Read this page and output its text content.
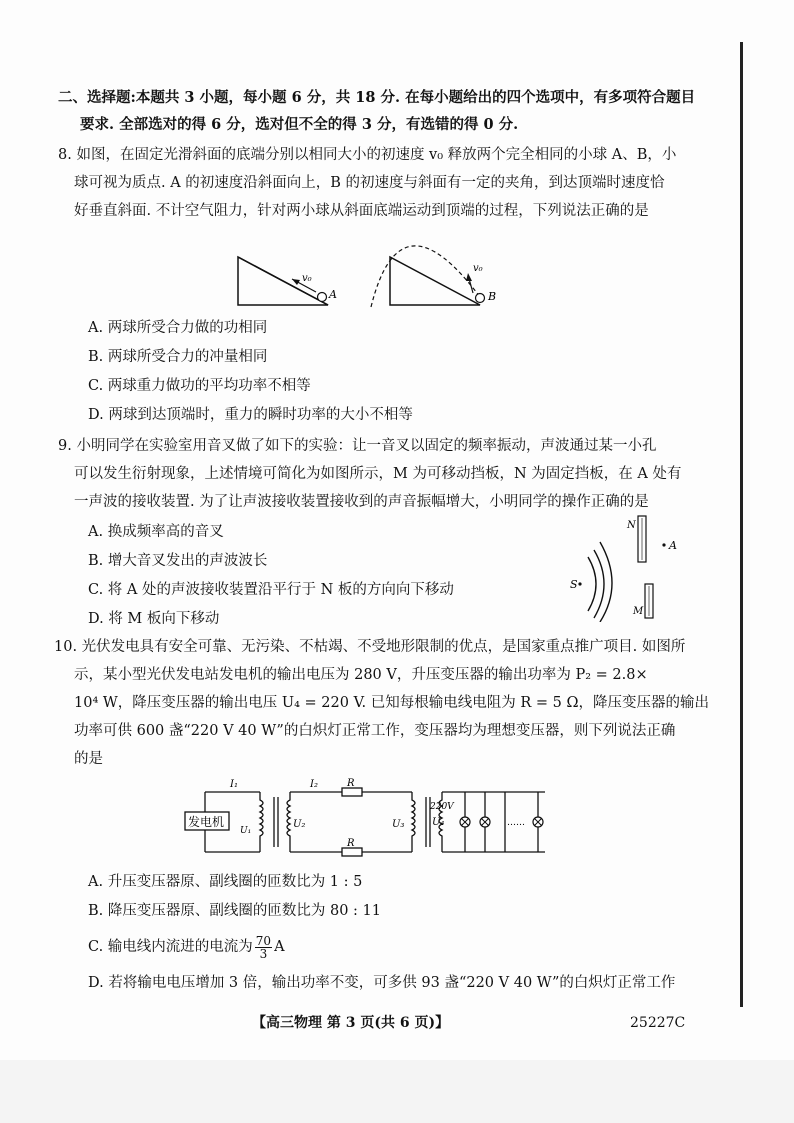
二、选择题:本题共 3 小题，每小题 6 分，共 18 分. 在每小题给出的四个选项中，有多项符合题目
要求. 全部选对的得 6 分，选对但不全的得 3 分，有选错的得 0 分.
8. 如图，在固定光滑斜面的底端分别以相同大小的初速度 v₀ 释放两个完全相同的小球 A、B，小
球可视为质点. A 的初速度沿斜面向上，B 的初速度与斜面有一定的夹角，到达顶端时速度恰
好垂直斜面. 不计空气阻力，针对两小球从斜面底端运动到顶端的过程，下列说法正确的是
v₀
A
v₀
B
A. 两球所受合力做的功相同
B. 两球所受合力的冲量相同
C. 两球重力做功的平均功率不相等
D. 两球到达顶端时，重力的瞬时功率的大小不相等
9. 小明同学在实验室用音叉做了如下的实验：让一音叉以固定的频率振动，声波通过某一小孔
可以发生衍射现象，上述情境可简化为如图所示，M 为可移动挡板，N 为固定挡板，在 A 处有
一声波的接收装置. 为了让声波接收装置接收到的声音振幅增大，小明同学的操作正确的是
A. 换成频率高的音叉
B. 增大音叉发出的声波波长
C. 将 A 处的声波接收装置沿平行于 N 板的方向向下移动
D. 将 M 板向下移动
S
N
M
A
10. 光伏发电具有安全可靠、无污染、不枯竭、不受地形限制的优点，是国家重点推广项目. 如图所
示，某小型光伏发电站发电机的输出电压为 280 V，升压变压器的输出功率为 P₂ = 2.8×
10⁴ W，降压变压器的输出电压 U₄ = 220 V. 已知每根输电线电阻为 R = 5 Ω，降压变压器的输出
功率可供 600 盏“220 V 40 W”的白炽灯正常工作，变压器均为理想变压器，则下列说法正确
的是
发电机
I₁
U₁
U₂
I₂	R
R
U₃
220V
U₄	……
A. 升压变压器原、副线圈的匝数比为 1 : 5
B. 降压变压器原、副线圈的匝数比为 80 : 11
C. 输电线内流进的电流为 $\frac{70}{3}$ A
D. 若将输电电压增加 3 倍，输出功率不变，可多供 93 盏“220 V 40 W”的白炽灯正常工作
【高三物理 第 3 页(共 6 页)】	25227C
